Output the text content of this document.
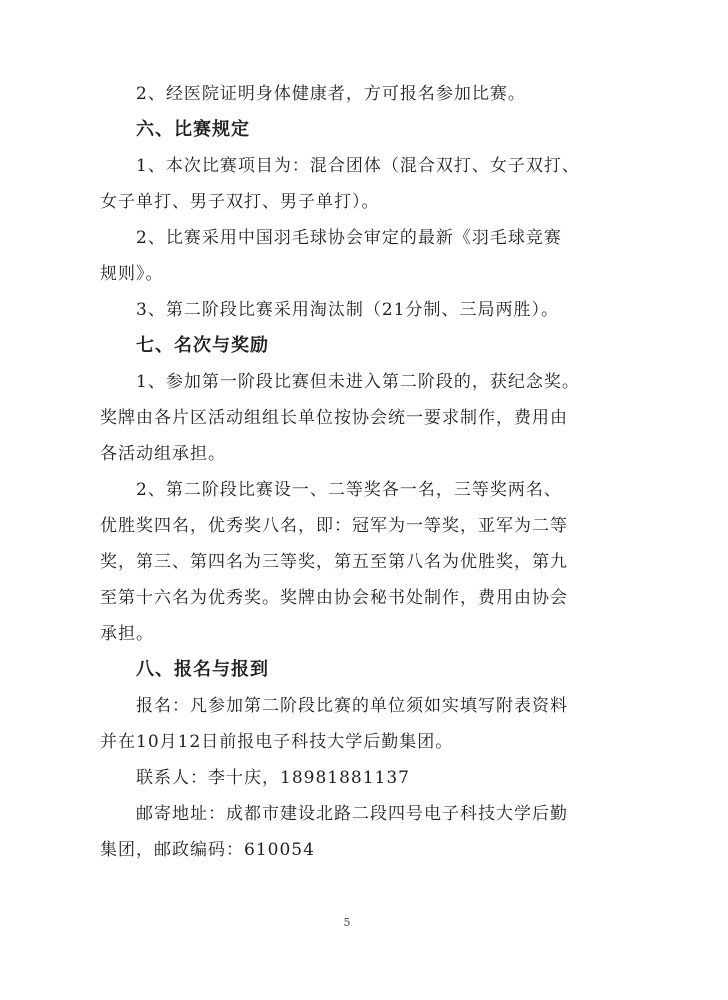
2、经医院证明身体健康者，方可报名参加比赛。

六、比赛规定

1、本次比赛项目为：混合团体（混合双打、女子双打、

女子单打、男子双打、男子单打）。

2、比赛采用中国羽毛球协会审定的最新《羽毛球竞赛

规则》。

3、第二阶段比赛采用淘汰制（21分制、三局两胜）。

七、名次与奖励

1、参加第一阶段比赛但未进入第二阶段的，获纪念奖。

奖牌由各片区活动组组长单位按协会统一要求制作，费用由

各活动组承担。

2、第二阶段比赛设一、二等奖各一名，三等奖两名、

优胜奖四名，优秀奖八名，即：冠军为一等奖，亚军为二等

奖，第三、第四名为三等奖，第五至第八名为优胜奖，第九

至第十六名为优秀奖。奖牌由协会秘书处制作，费用由协会

承担。

八、报名与报到

报名：凡参加第二阶段比赛的单位须如实填写附表资料

并在10月12日前报电子科技大学后勤集团。

联系人：李十庆，18981881137

邮寄地址：成都市建设北路二段四号电子科技大学后勤

集团，邮政编码：610054

5
